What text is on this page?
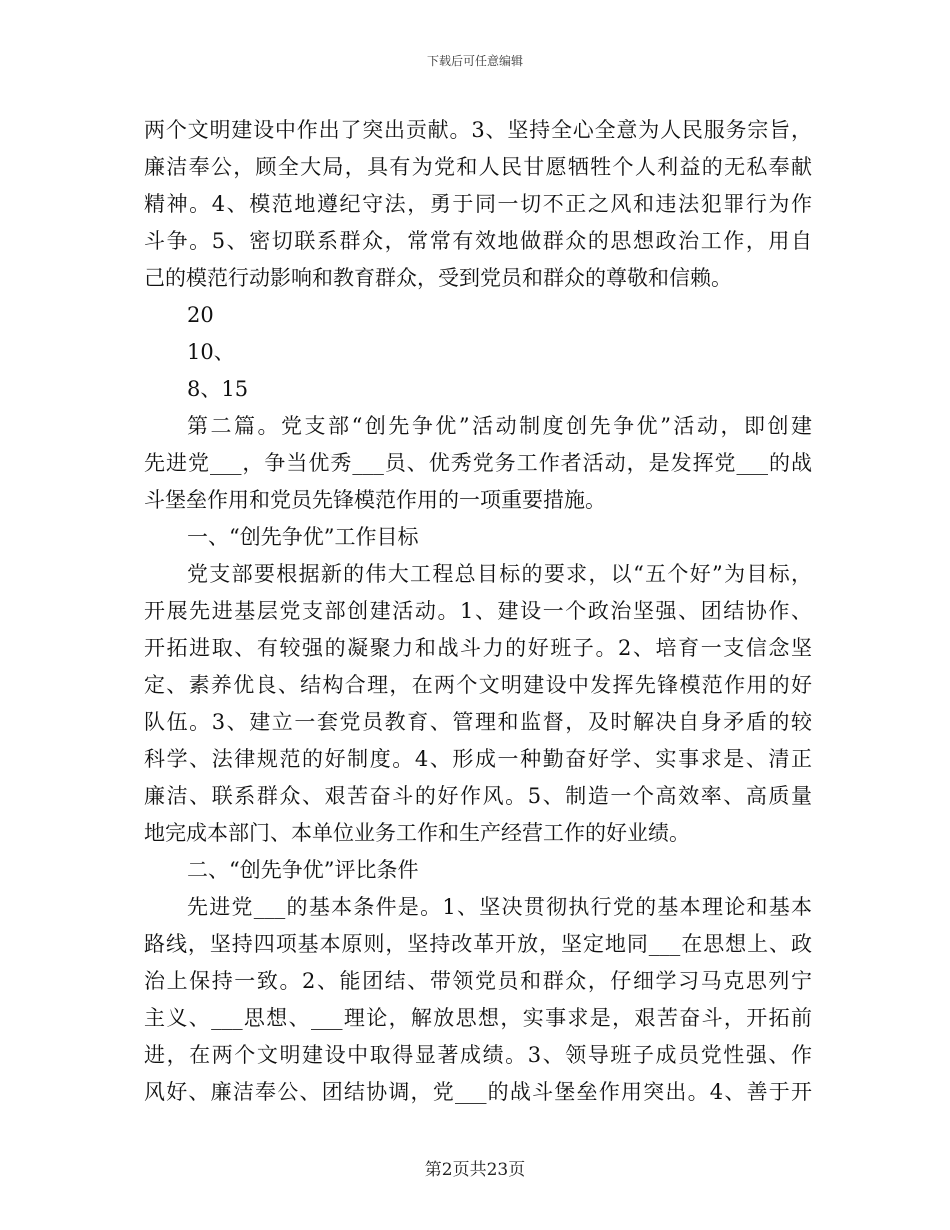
下载后可任意编辑
两个文明建设中作出了突出贡献。3、坚持全心全意为人民服务宗旨，
廉洁奉公，顾全大局，具有为党和人民甘愿牺牲个人利益的无私奉献
精神。4、模范地遵纪守法，勇于同一切不正之风和违法犯罪行为作
斗争。5、密切联系群众，常常有效地做群众的思想政治工作，用自
己的模范行动影响和教育群众，受到党员和群众的尊敬和信赖。
20
10、
8、15
第二篇。党支部“创先争优”活动制度创先争优”活动，即创建
先进党___，争当优秀___员、优秀党务工作者活动，是发挥党___的战
斗堡垒作用和党员先锋模范作用的一项重要措施。
一、“创先争优”工作目标
党支部要根据新的伟大工程总目标的要求，以“五个好”为目标，
开展先进基层党支部创建活动。1、建设一个政治坚强、团结协作、
开拓进取、有较强的凝聚力和战斗力的好班子。2、培育一支信念坚
定、素养优良、结构合理，在两个文明建设中发挥先锋模范作用的好
队伍。3、建立一套党员教育、管理和监督，及时解决自身矛盾的较
科学、法律规范的好制度。4、形成一种勤奋好学、实事求是、清正
廉洁、联系群众、艰苦奋斗的好作风。5、制造一个高效率、高质量
地完成本部门、本单位业务工作和生产经营工作的好业绩。
二、“创先争优”评比条件
先进党___的基本条件是。1、坚决贯彻执行党的基本理论和基本
路线，坚持四项基本原则，坚持改革开放，坚定地同___在思想上、政
治上保持一致。2、能团结、带领党员和群众，仔细学习马克思列宁
主义、___思想、___理论，解放思想，实事求是，艰苦奋斗，开拓前
进，在两个文明建设中取得显著成绩。3、领导班子成员党性强、作
风好、廉洁奉公、团结协调，党___的战斗堡垒作用突出。4、善于开
第2页共23页
